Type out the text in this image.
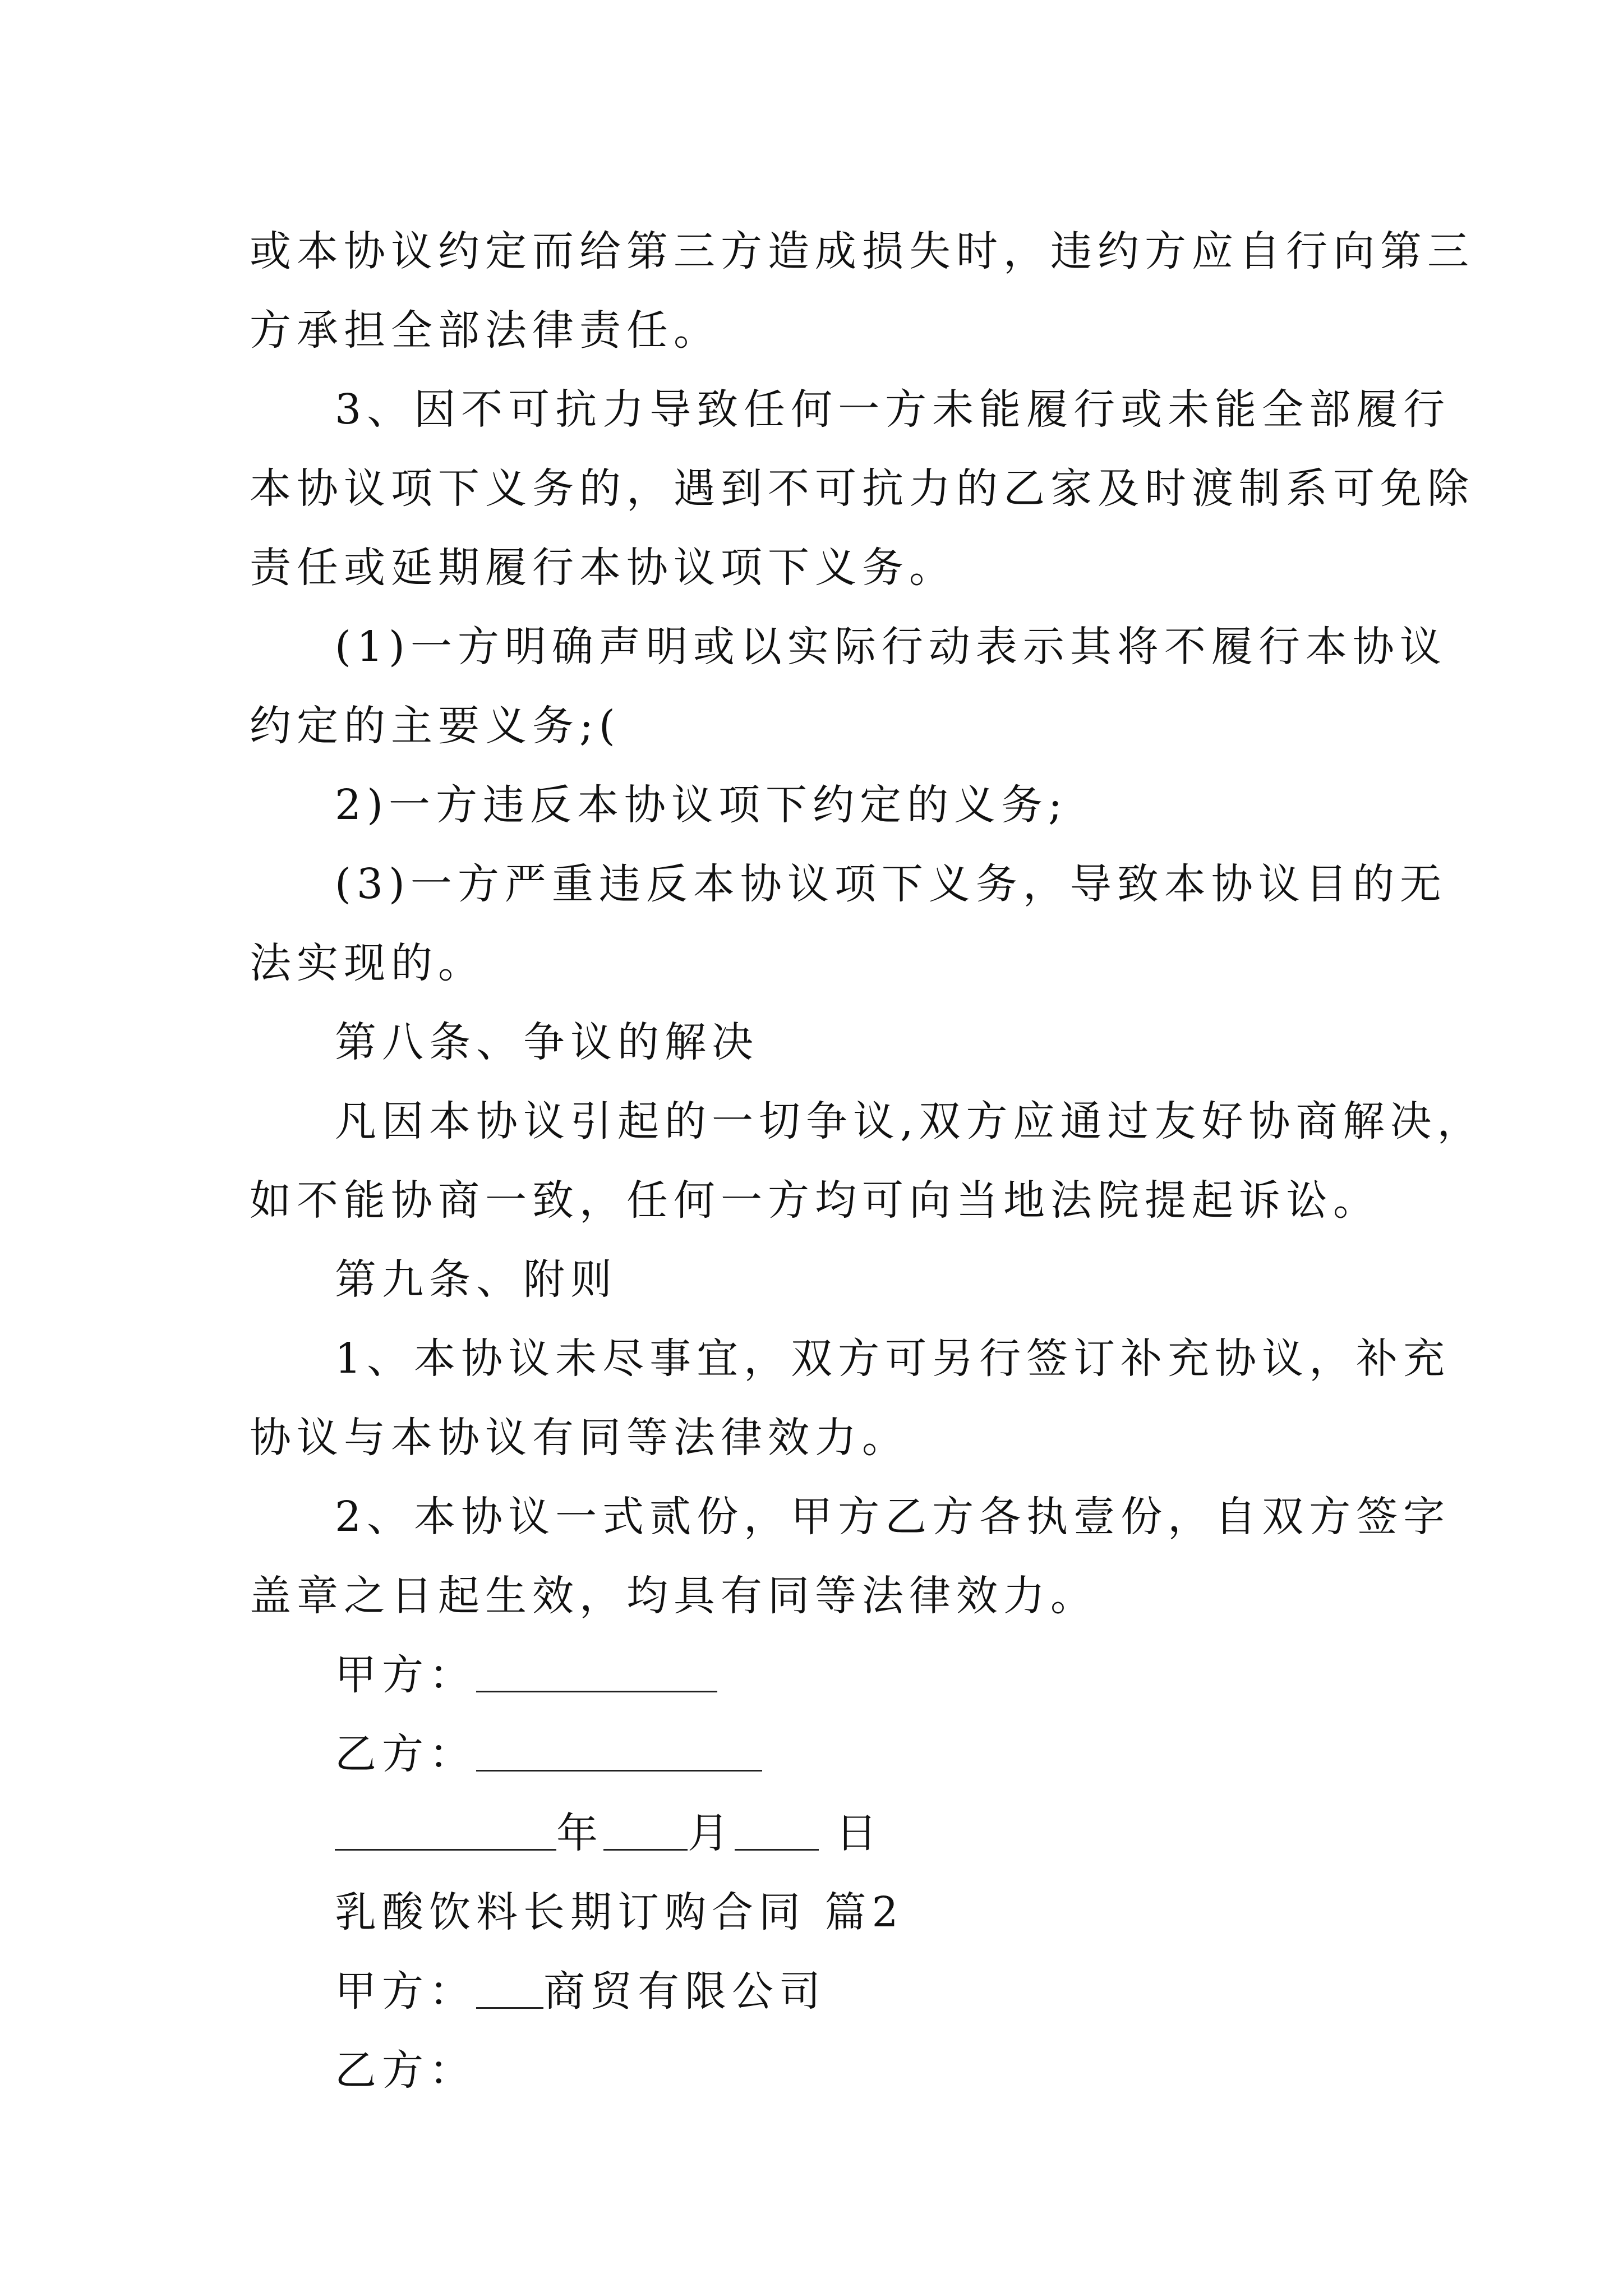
或本协议约定而给第三方造成损失时，违约方应自行向第三
方承担全部法律责任。
3、因不可抗力导致任何一方未能履行或未能全部履行
本协议项下义务的，遇到不可抗力的乙家及时渡制系可免除
责任或延期履行本协议项下义务。
(1)一方明确声明或以实际行动表示其将不履行本协议
约定的主要义务;(
2)一方违反本协议项下约定的义务;
(3)一方严重违反本协议项下义务，导致本协议目的无
法实现的。
第八条、争议的解决
凡因本协议引起的一切争议,双方应通过友好协商解决，
如不能协商一致，任何一方均可向当地法院提起诉讼。
第九条、附则
1、本协议未尽事宜，双方可另行签订补充协议，补充
协议与本协议有同等法律效力。
2、本协议一式贰份，甲方乙方各执壹份，自双方签字
盖章之日起生效，均具有同等法律效力。
甲方：
乙方：
年 月 日
乳酸饮料长期订购合同 篇2
甲方： 商贸有限公司
乙方：
